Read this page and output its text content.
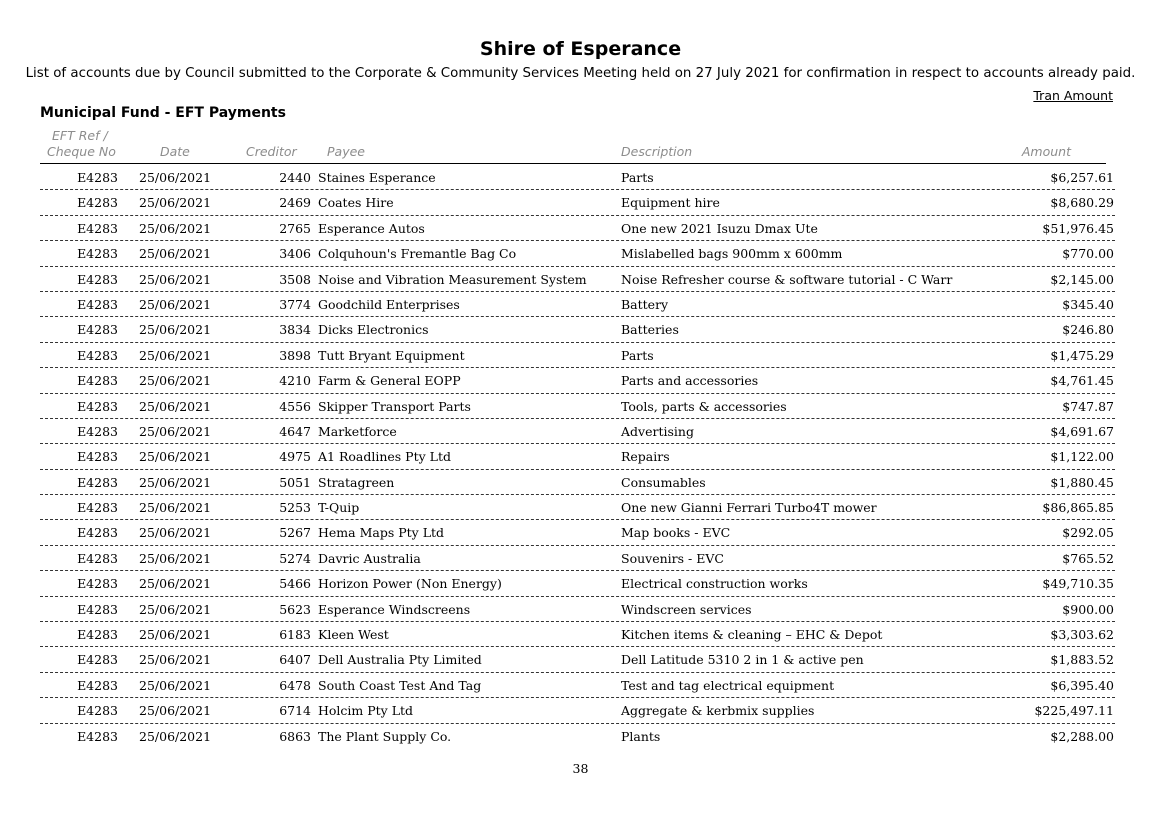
Shire of Esperance
List of accounts due by Council submitted to the Corporate & Community Services Meeting held on 27 July 2021 for confirmation in respect to accounts already paid.
Tran Amount
Municipal Fund - EFT Payments
EFT Ref /
Cheque No	Date	Creditor Payee	Description	Amount
E4283 25/06/2021	2440 Staines Esperance	Parts	$6,257.61
E4283 25/06/2021	2469 Coates Hire	Equipment hire	$8,680.29
E4283 25/06/2021	2765 Esperance Autos	One new 2021 Isuzu Dmax Ute	$51,976.45
E4283 25/06/2021	3406 Colquhoun's Fremantle Bag Co	Mislabelled bags 900mm x 600mm	$770.00
E4283 25/06/2021	3508 Noise and Vibration Measurement System	Noise Refresher course & software tutorial - C Warr	$2,145.00
E4283 25/06/2021	3774 Goodchild Enterprises	Battery	$345.40
E4283 25/06/2021	3834 Dicks Electronics	Batteries	$246.80
E4283 25/06/2021	3898 Tutt Bryant Equipment	Parts	$1,475.29
E4283 25/06/2021	4210 Farm & General EOPP	Parts and accessories	$4,761.45
E4283 25/06/2021	4556 Skipper Transport Parts	Tools, parts & accessories	$747.87
E4283 25/06/2021	4647 Marketforce	Advertising	$4,691.67
E4283 25/06/2021	4975 A1 Roadlines Pty Ltd	Repairs	$1,122.00
E4283 25/06/2021	5051 Stratagreen	Consumables	$1,880.45
E4283 25/06/2021	5253 T-Quip	One new Gianni Ferrari Turbo4T mower	$86,865.85
E4283 25/06/2021	5267 Hema Maps Pty Ltd	Map books - EVC	$292.05
E4283 25/06/2021	5274 Davric Australia	Souvenirs - EVC	$765.52
E4283 25/06/2021	5466 Horizon Power (Non Energy)	Electrical construction works	$49,710.35
E4283 25/06/2021	5623 Esperance Windscreens	Windscreen services	$900.00
E4283 25/06/2021	6183 Kleen West	Kitchen items & cleaning – EHC & Depot	$3,303.62
E4283 25/06/2021	6407 Dell Australia Pty Limited	Dell Latitude 5310 2 in 1 & active pen	$1,883.52
E4283 25/06/2021	6478 South Coast Test And Tag	Test and tag electrical equipment	$6,395.40
E4283 25/06/2021	6714 Holcim Pty Ltd	Aggregate & kerbmix supplies	$225,497.11
E4283 25/06/2021	6863 The Plant Supply Co.	Plants	$2,288.00
38
